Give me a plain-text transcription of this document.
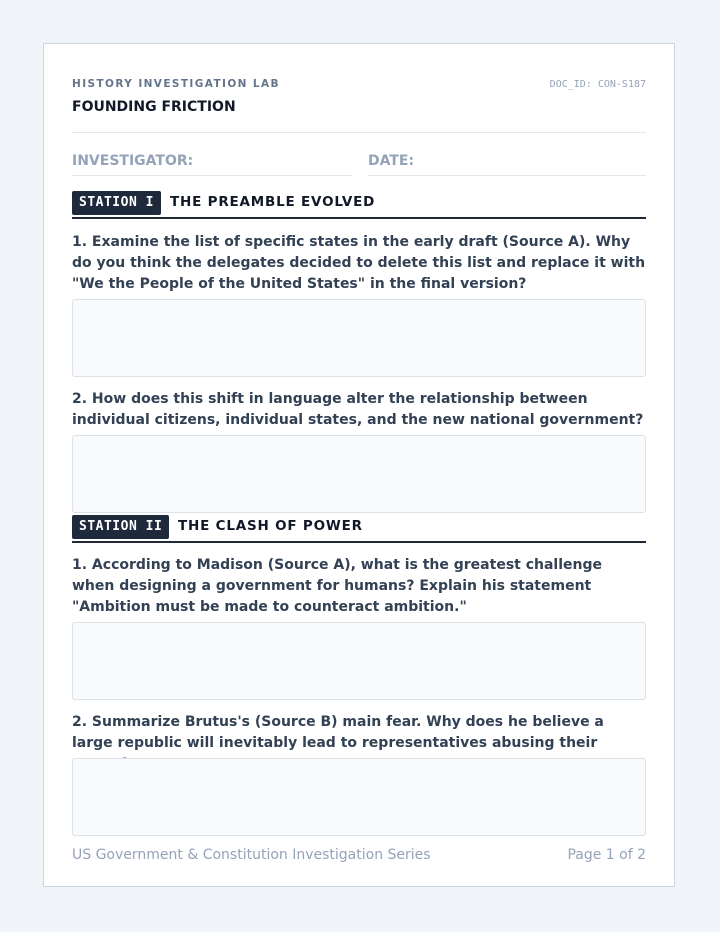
HISTORY INVESTIGATION LAB	DOC_ID: CON-S187
FOUNDING FRICTION
INVESTIGATOR:	DATE:
STATION I	THE PREAMBLE EVOLVED
1. Examine the list of specific states in the early draft (Source A). Why do you think the delegates decided to delete this list and replace it with "We the People of the United States" in the final version?
2. How does this shift in language alter the relationship between individual citizens, individual states, and the new national government?
STATION II	THE CLASH OF POWER
1. According to Madison (Source A), what is the greatest challenge when designing a government for humans? Explain his statement "Ambition must be made to counteract ambition."
2. Summarize Brutus's (Source B) main fear. Why does he believe a large republic will inevitably lead to representatives abusing their
US Government & Constitution Investigation Series	Page 1 of 2
